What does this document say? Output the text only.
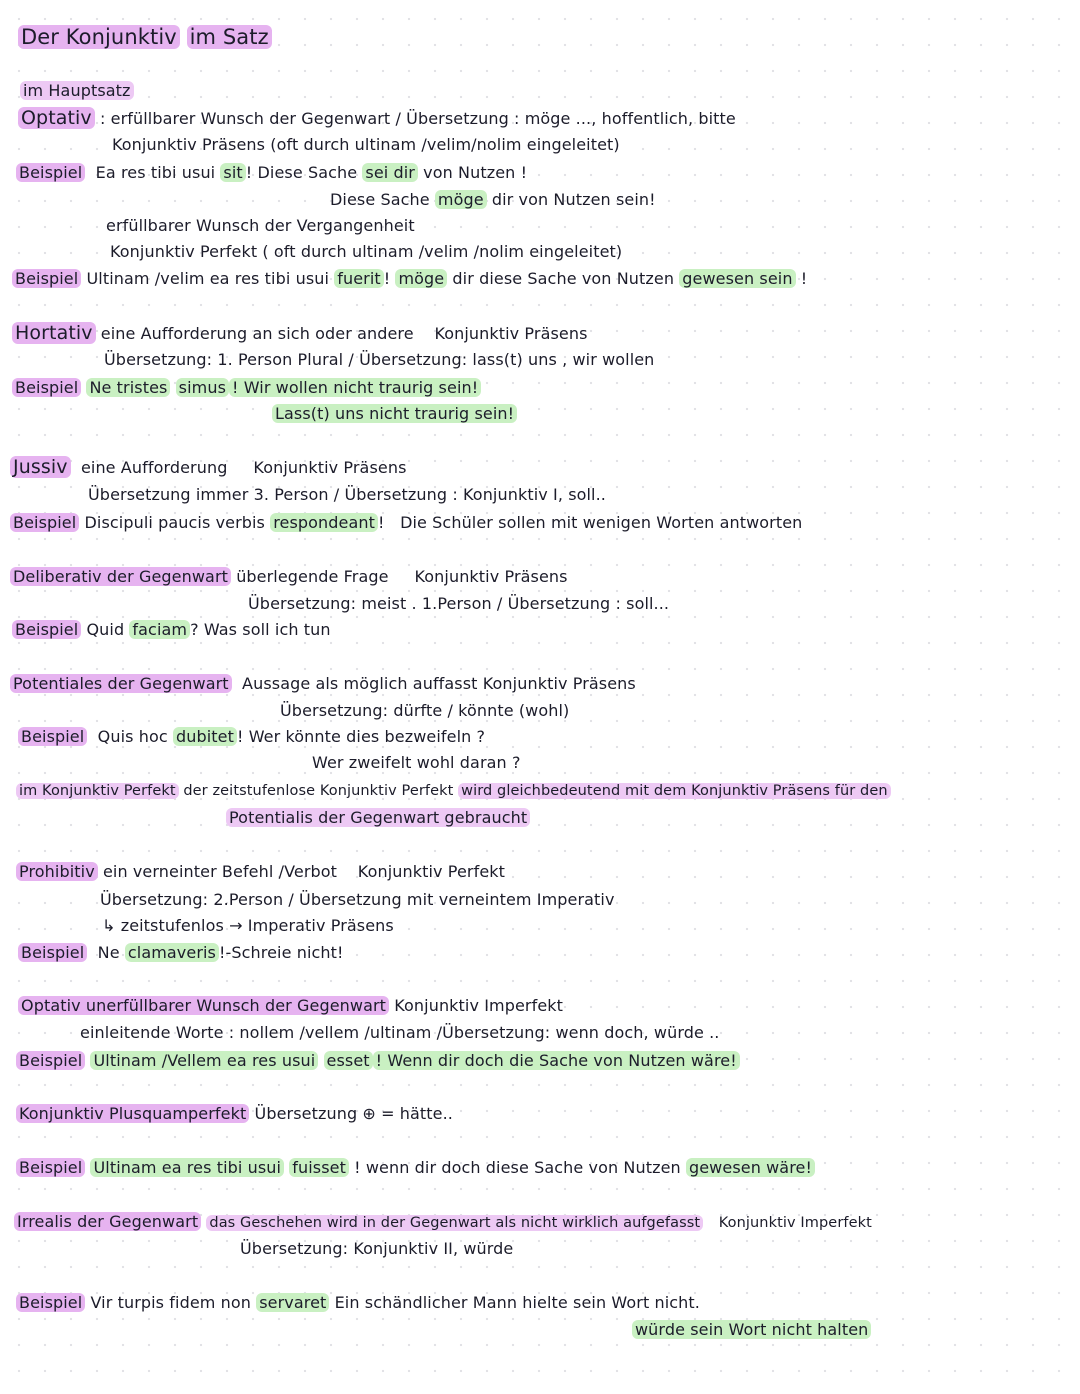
Der Konjunktiv im Satz
im Hauptsatz
Optativ : erfüllbarer Wunsch der Gegenwart / Übersetzung : möge ..., hoffentlich, bitte
Konjunktiv Präsens (oft durch ultinam /velim/nolim eingeleitet)
Beispiel Ea res tibi usui sit ! Diese Sache sei dir von Nutzen !
Diese Sache möge dir von Nutzen sein!
erfüllbarer Wunsch der Vergangenheit
Konjunktiv Perfekt ( oft durch ultinam /velim /nolim eingeleitet)
Beispiel Ultinam /velim ea res tibi usui fuerit ! möge dir diese Sache von Nutzen gewesen sein !
Hortativ eine Aufforderung an sich oder andere Konjunktiv Präsens
Übersetzung: 1. Person Plural / Übersetzung: lass(t) uns , wir wollen
Beispiel Ne tristes simus ! Wir wollen nicht traurig sein!
Lass(t) uns nicht traurig sein!
Jussiv eine Aufforderung Konjunktiv Präsens
Übersetzung immer 3. Person / Übersetzung : Konjunktiv I, soll..
Beispiel Discipuli paucis verbis respondeant ! Die Schüler sollen mit wenigen Worten antworten
Deliberativ der Gegenwart überlegende Frage Konjunktiv Präsens
Übersetzung: meist . 1.Person / Übersetzung : soll...
Beispiel Quid faciam ? Was soll ich tun
Potentiales der Gegenwart Aussage als möglich auffasst Konjunktiv Präsens
Übersetzung: dürfte / könnte (wohl)
Beispiel Quis hoc dubitet ! Wer könnte dies bezweifeln ?
Wer zweifelt wohl daran ?
im Konjunktiv Perfekt der zeitstufenlose Konjunktiv Perfekt wird gleichbedeutend mit dem Konjunktiv Präsens für den
Potentialis der Gegenwart gebraucht
Prohibitiv ein verneinter Befehl /Verbot Konjunktiv Perfekt
Übersetzung: 2.Person / Übersetzung mit verneintem Imperativ
↳ zeitstufenlos → Imperativ Präsens
Beispiel Ne clamaveris !-Schreie nicht!
Optativ unerfüllbarer Wunsch der Gegenwart Konjunktiv Imperfekt
einleitende Worte : nollem /vellem /ultinam /Übersetzung: wenn doch, würde ..
Beispiel Ultinam /Vellem ea res usui esset ! Wenn dir doch die Sache von Nutzen wäre!
Konjunktiv Plusquamperfekt Übersetzung ⊕ = hätte..
Beispiel Ultinam ea res tibi usui fuisset ! wenn dir doch diese Sache von Nutzen gewesen wäre!
Irrealis der Gegenwart das Geschehen wird in der Gegenwart als nicht wirklich aufgefasst Konjunktiv Imperfekt
Übersetzung: Konjunktiv II, würde
Beispiel Vir turpis fidem non servaret Ein schändlicher Mann hielte sein Wort nicht.
würde sein Wort nicht halten
